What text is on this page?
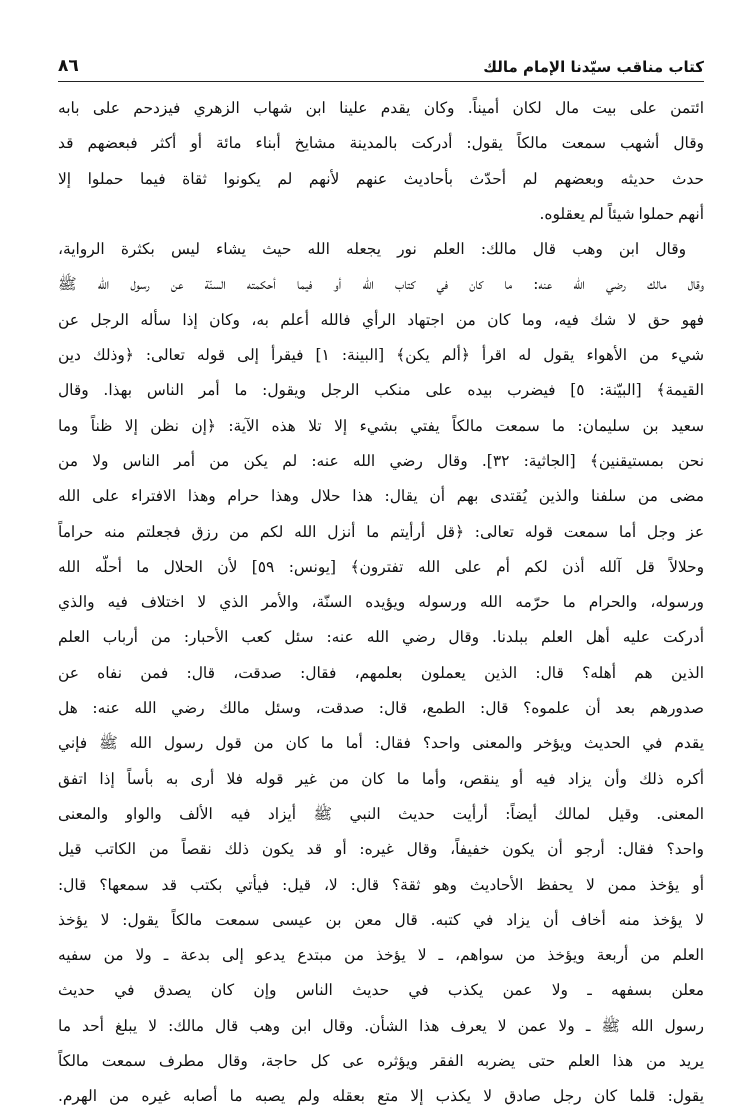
كتاب مناقب سيّدنا الإمام مالك
٨٦
ائتمن على بيت مال لكان أميناً. وكان يقدم علينا ابن شهاب الزهري فيزدحم على بابه
وقال أشهب سمعت مالكاً يقول: أدركت بالمدينة مشايخ أبناء مائة أو أكثر فبعضهم قد
حدث حديثه وبعضهم لم أحدّث بأحاديث عنهم لأنهم لم يكونوا ثقاة فيما حملوا إلا
أنهم حملوا شيئاً لم يعقلوه.
وقال ابن وهب قال مالك: العلم نور يجعله الله حيث يشاء ليس بكثرة الرواية،
وقال مالك رضي الله عنه: ما كان في كتاب الله أو فيما أحكمته السنّة عن رسول الله ﷺ
فهو حق لا شك فيه، وما كان من اجتهاد الرأي فالله أعلم به، وكان إذا سأله الرجل عن
شيء من الأهواء يقول له اقرأ ﴿ألم يكن﴾ [البينة: ١] فيقرأ إلى قوله تعالى: ﴿وذلك دين
القيمة﴾ [البيّنة: ٥] فيضرب بيده على منكب الرجل ويقول: ما أمر الناس بهذا. وقال
سعيد بن سليمان: ما سمعت مالكاً يفتي بشيء إلا تلا هذه الآية: ﴿إن نظن إلا ظناً وما
نحن بمستيقنين﴾ [الجاثية: ٣٢]. وقال رضي الله عنه: لم يكن من أمر الناس ولا من
مضى من سلفنا والذين يُقتدى بهم أن يقال: هذا حلال وهذا حرام وهذا الافتراء على الله
عز وجل أما سمعت قوله تعالى: ﴿قل أرأيتم ما أنزل الله لكم من رزق فجعلتم منه حراماً
وحلالاً قل آلله أذن لكم أم على الله تفترون﴾ [يونس: ٥٩] لأن الحلال ما أحلّه الله
ورسوله، والحرام ما حرّمه الله ورسوله ويؤيده السنّة، والأمر الذي لا اختلاف فيه والذي
أدركت عليه أهل العلم ببلدنا. وقال رضي الله عنه: سئل كعب الأحبار: من أرباب العلم
الذين هم أهله؟ قال: الذين يعملون بعلمهم، فقال: صدقت، قال: فمن نفاه عن
صدورهم بعد أن علموه؟ قال: الطمع، قال: صدقت، وسئل مالك رضي الله عنه: هل
يقدم في الحديث ويؤخر والمعنى واحد؟ فقال: أما ما كان من قول رسول الله ﷺ فإني
أكره ذلك وأن يزاد فيه أو ينقص، وأما ما كان من غير قوله فلا أرى به بأساً إذا اتفق
المعنى. وقيل لمالك أيضاً: أرأيت حديث النبي ﷺ أيزاد فيه الألف والواو والمعنى
واحد؟ فقال: أرجو أن يكون خفيفاً، وقال غيره: أو قد يكون ذلك نقصاً من الكاتب قيل
أو يؤخذ ممن لا يحفظ الأحاديث وهو ثقة؟ قال: لا، قيل: فيأتي بكتب قد سمعها؟ قال:
لا يؤخذ منه أخاف أن يزاد في كتبه. قال معن بن عيسى سمعت مالكاً يقول: لا يؤخذ
العلم من أربعة ويؤخذ من سواهم، ـ لا يؤخذ من مبتدع يدعو إلى بدعة ـ ولا من سفيه
معلن بسفهه ـ ولا عمن يكذب في حديث الناس وإن كان يصدق في حديث
رسول الله ﷺ ـ ولا عمن لا يعرف هذا الشأن. وقال ابن وهب قال مالك: لا يبلغ أحد ما
يريد من هذا العلم حتى يضربه الفقر ويؤثره عى كل حاجة، وقال مطرف سمعت مالكاً
يقول: قلما كان رجل صادق لا يكذب إلا متع بعقله ولم يصبه ما أصابه غيره من الهرم.
